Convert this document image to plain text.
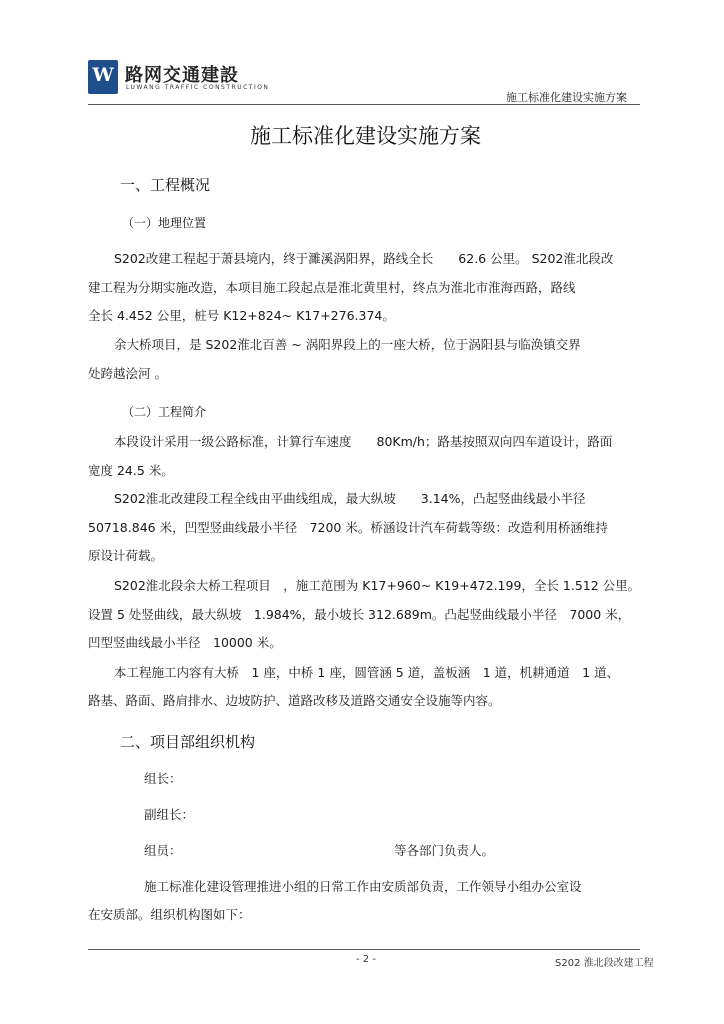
W 路网交通建設
LUWANG TRAFFIC CONSTRUCTION
施工标准化建设实施方案
施工标准化建设实施方案
一、工程概况
（一）地理位置
S202改建工程起于萧县境内，终于濉溪涡阳界，路线全长　　62.6 公里。 S202淮北段改
建工程为分期实施改造，本项目施工段起点是淮北黄里村，终点为淮北市淮海西路，路线
全长 4.452 公里，桩号 K12+824~ K17+276.374。
余大桥项目，是 S202淮北百善 ~ 涡阳界段上的一座大桥，位于涡阳县与临涣镇交界
处跨越浍河 。
（二）工程简介
本段设计采用一级公路标准，计算行车速度　　80Km/h；路基按照双向四车道设计，路面
宽度 24.5 米。
S202淮北改建段工程全线由平曲线组成，最大纵坡　　3.14%，凸起竖曲线最小半径
50718.846 米，凹型竖曲线最小半径　7200 米。桥涵设计汽车荷载等级：改造利用桥涵维持
原设计荷载。
S202淮北段余大桥工程项目　，施工范围为 K17+960~ K19+472.199，全长 1.512 公里。
设置 5 处竖曲线，最大纵坡　1.984%，最小坡长 312.689m。凸起竖曲线最小半径　7000 米，
凹型竖曲线最小半径　10000 米。
本工程施工内容有大桥　1 座，中桥 1 座，圆管涵 5 道，盖板涵　1 道，机耕通道　1 道、
路基、路面、路肩排水、边坡防护、道路改移及道路交通安全设施等内容。
二、项目部组织机构
组长：
副组长：
组员：	等各部门负责人。
施工标准化建设管理推进小组的日常工作由安质部负责，工作领导小组办公室设
在安质部。组织机构图如下：
- 2 -	S202 淮北段改建工程
